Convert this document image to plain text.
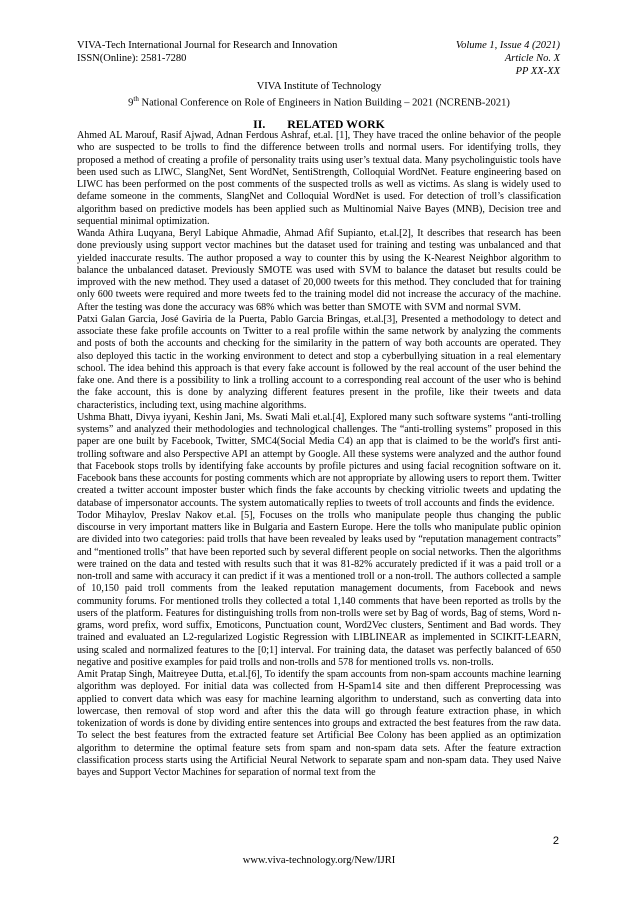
VIVA-Tech International Journal for Research and Innovation
ISSN(Online): 2581-7280
Volume 1, Issue 4 (2021)
Article No. X
PP XX-XX
VIVA Institute of Technology
9th National Conference on Role of Engineers in Nation Building – 2021 (NCRENB-2021)
II. RELATED WORK

Ahmed AL Marouf, Rasif Ajwad, Adnan Ferdous Ashraf, et.al. [1], They have traced the online behavior of the people who are suspected to be trolls to find the difference between trolls and normal users. For identifying trolls, they proposed a method of creating a profile of personality traits using user’s textual data. Many psycholinguistic tools have been used such as LIWC, SlangNet, Sent WordNet, SentiStrength, Colloquial WordNet. Feature engineering based on LIWC has been performed on the post comments of the suspected trolls as well as victims. As slang is widely used to defame someone in the comments, SlangNet and Colloquial WordNet is used. For detection of troll’s classification algorithm based on predictive models has been applied such as Multinomial Naive Bayes (MNB), Decision tree and sequential minimal optimization.

Wanda Athira Luqyana, Beryl Labique Ahmadie, Ahmad Afif Supianto, et.al.[2], It describes that research has been done previously using support vector machines but the dataset used for training and testing was unbalanced and that yielded inaccurate results. The author proposed a way to counter this by using the K-Nearest Neighbor algorithm to balance the unbalanced dataset. Previously SMOTE was used with SVM to balance the dataset but results could be improved with the new method. They used a dataset of 20,000 tweets for this method. They concluded that for training only 600 tweets were required and more tweets fed to the training model did not increase the accuracy of the machine. After the testing was done the accuracy was 68% which was better than SMOTE with SVM and normal SVM.

Patxi Galan Garcia, José Gaviria de la Puerta, Pablo Garcia Bringas, et.al.[3], Presented a methodology to detect and associate these fake profile accounts on Twitter to a real profile within the same network by analyzing the comments and posts of both the accounts and checking for the similarity in the pattern of way both accounts are operated. They also deployed this tactic in the working environment to detect and stop a cyberbullying situation in a real elementary school. The idea behind this approach is that every fake account is followed by the real account of the user behind the fake one. And there is a possibility to link a trolling account to a corresponding real account of the user who is behind the fake account, this is done by analyzing different features present in the profile, like their tweets and data characteristics, including text, using machine algorithms.

Ushma Bhatt, Divya iyyani, Keshin Jani, Ms. Swati Mali et.al.[4], Explored many such software systems “anti-trolling systems” and analyzed their methodologies and technological challenges. The “anti-trolling systems” proposed in this paper are one built by Facebook, Twitter, SMC4(Social Media C4) an app that is claimed to be the world's first anti-trolling software and also Perspective API an attempt by Google. All these systems were analyzed and the author found that Facebook stops trolls by identifying fake accounts by profile pictures and using facial recognition software on it. Facebook bans these accounts for posting comments which are not appropriate by allowing users to report them. Twitter created a twitter account imposter buster which finds the fake accounts by checking vitriolic tweets and updating the database of impersonator accounts. The system automatically replies to tweets of troll accounts and finds the evidence.

Todor Mihaylov, Preslav Nakov et.al. [5], Focuses on the trolls who manipulate people thus changing the public discourse in very important matters like in Bulgaria and Eastern Europe. Here the tolls who manipulate public opinion are divided into two categories: paid trolls that have been revealed by leaks used by “reputation management contracts” and “mentioned trolls” that have been reported such by several different people on social networks. Then the algorithms were trained on the data and tested with results such that it was 81-82% accurately predicted if it was a paid troll or a non-troll and same with accuracy it can predict if it was a mentioned troll or a non-troll. The authors collected a sample of 10,150 paid troll comments from the leaked reputation management documents, from Facebook and news community forums. For mentioned trolls they collected a total 1,140 comments that have been reported as trolls by the users of the platform. Features for distinguishing trolls from non-trolls were set by Bag of words, Bag of stems, Word n-grams, word prefix, word suffix, Emoticons, Punctuation count, Word2Vec clusters, Sentiment and Bad words. They trained and evaluated an L2-regularized Logistic Regression with LIBLINEAR as implemented in SCIKIT-LEARN, using scaled and normalized features to the [0;1] interval. For training data, the dataset was perfectly balanced of 650 negative and positive examples for paid trolls and non-trolls and 578 for mentioned trolls vs. non-trolls.

Amit Pratap Singh, Maitreyee Dutta, et.al.[6], To identify the spam accounts from non-spam accounts machine learning algorithm was deployed. For initial data was collected from H-Spam14 site and then different Preprocessing was applied to convert data which was easy for machine learning algorithm to understand, such as converting data into lowercase, then removal of stop word and after this the data will go through feature extraction phase, in which tokenization of words is done by dividing entire sentences into groups and extracted the best features from the raw data. To select the best features from the extracted feature set Artificial Bee Colony has been applied as an optimization algorithm to determine the optimal feature sets from spam and non-spam data sets. After the feature extraction classification process starts using the Artificial Neural Network to separate spam and non-spam data. They used Naive bayes and Support Vector Machines for separation of normal text from the

2
www.viva-technology.org/New/IJRI
